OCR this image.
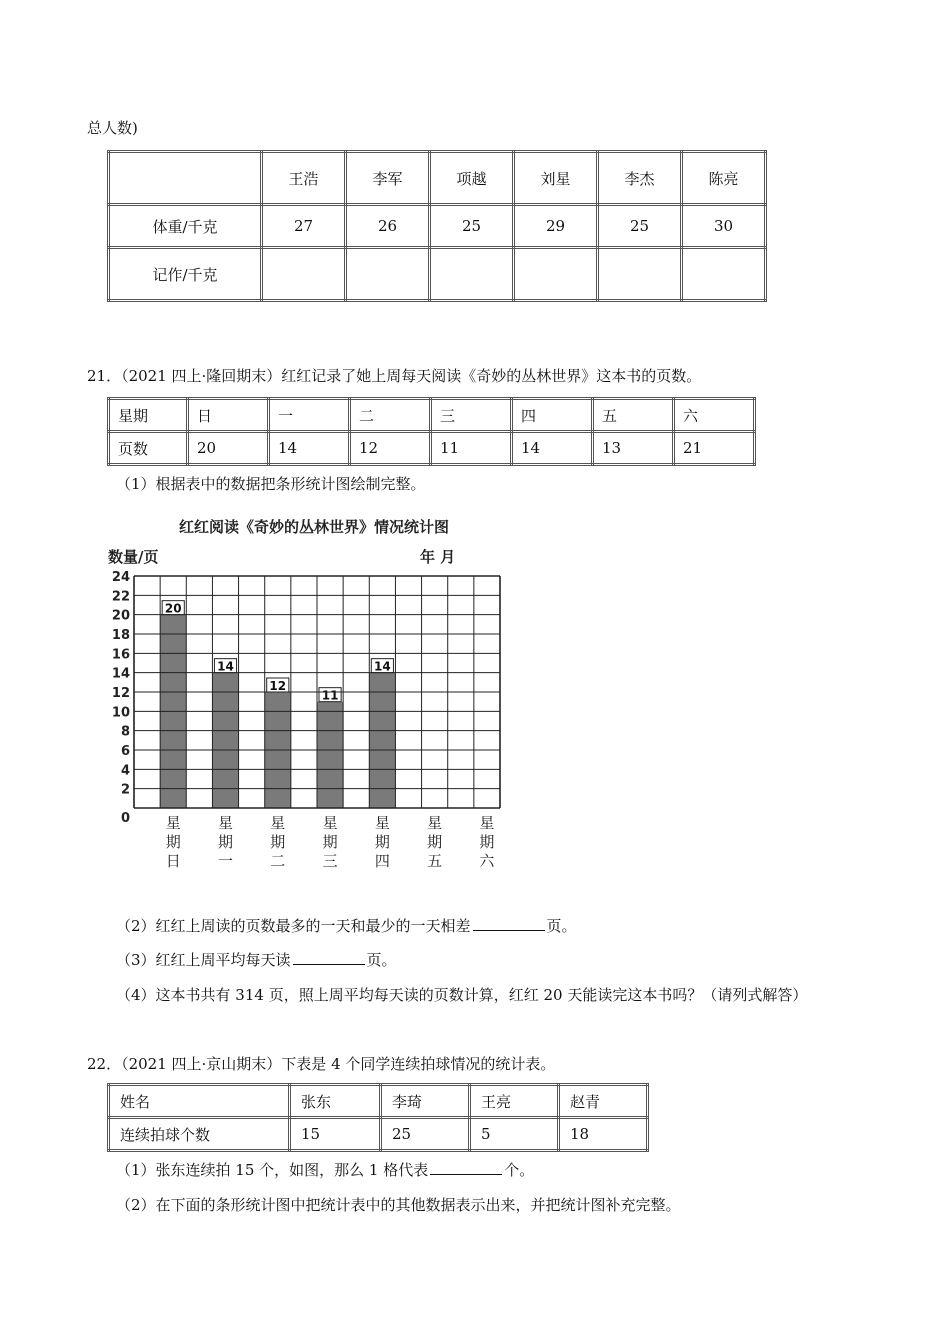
总人数)
	王浩	李军	项越	刘星	李杰	陈亮
体重/千克	27	26	25	29	25	30
记作/千克						
21．（2021 四上·隆回期末）红红记录了她上周每天阅读《奇妙的丛林世界》这本书的页数。
星期	日	一	二	三	四	五	六
页数	20	14	12	11	14	13	21
（1）根据表中的数据把条形统计图绘制完整。
红红阅读《奇妙的丛林世界》情况统计图
数量/页	年 月
20
14
12
11
14
0
2
4
6
8
10
12
14
16
18
20
22
24
星期日
星期一
星期二
星期三
星期四
星期五
星期六
（2）红红上周读的页数最多的一天和最少的一天相差	页。
（3）红红上周平均每天读	页。
（4）这本书共有 314 页，照上周平均每天读的页数计算，红红 20 天能读完这本书吗？（请列式解答）
22．（2021 四上·京山期末）下表是 4 个同学连续拍球情况的统计表。
姓名	张东	李琦	王亮	赵青
连续拍球个数	15	25	5	18
（1）张东连续拍 15 个，如图，那么 1 格代表	个。
（2）在下面的条形统计图中把统计表中的其他数据表示出来，并把统计图补充完整。
